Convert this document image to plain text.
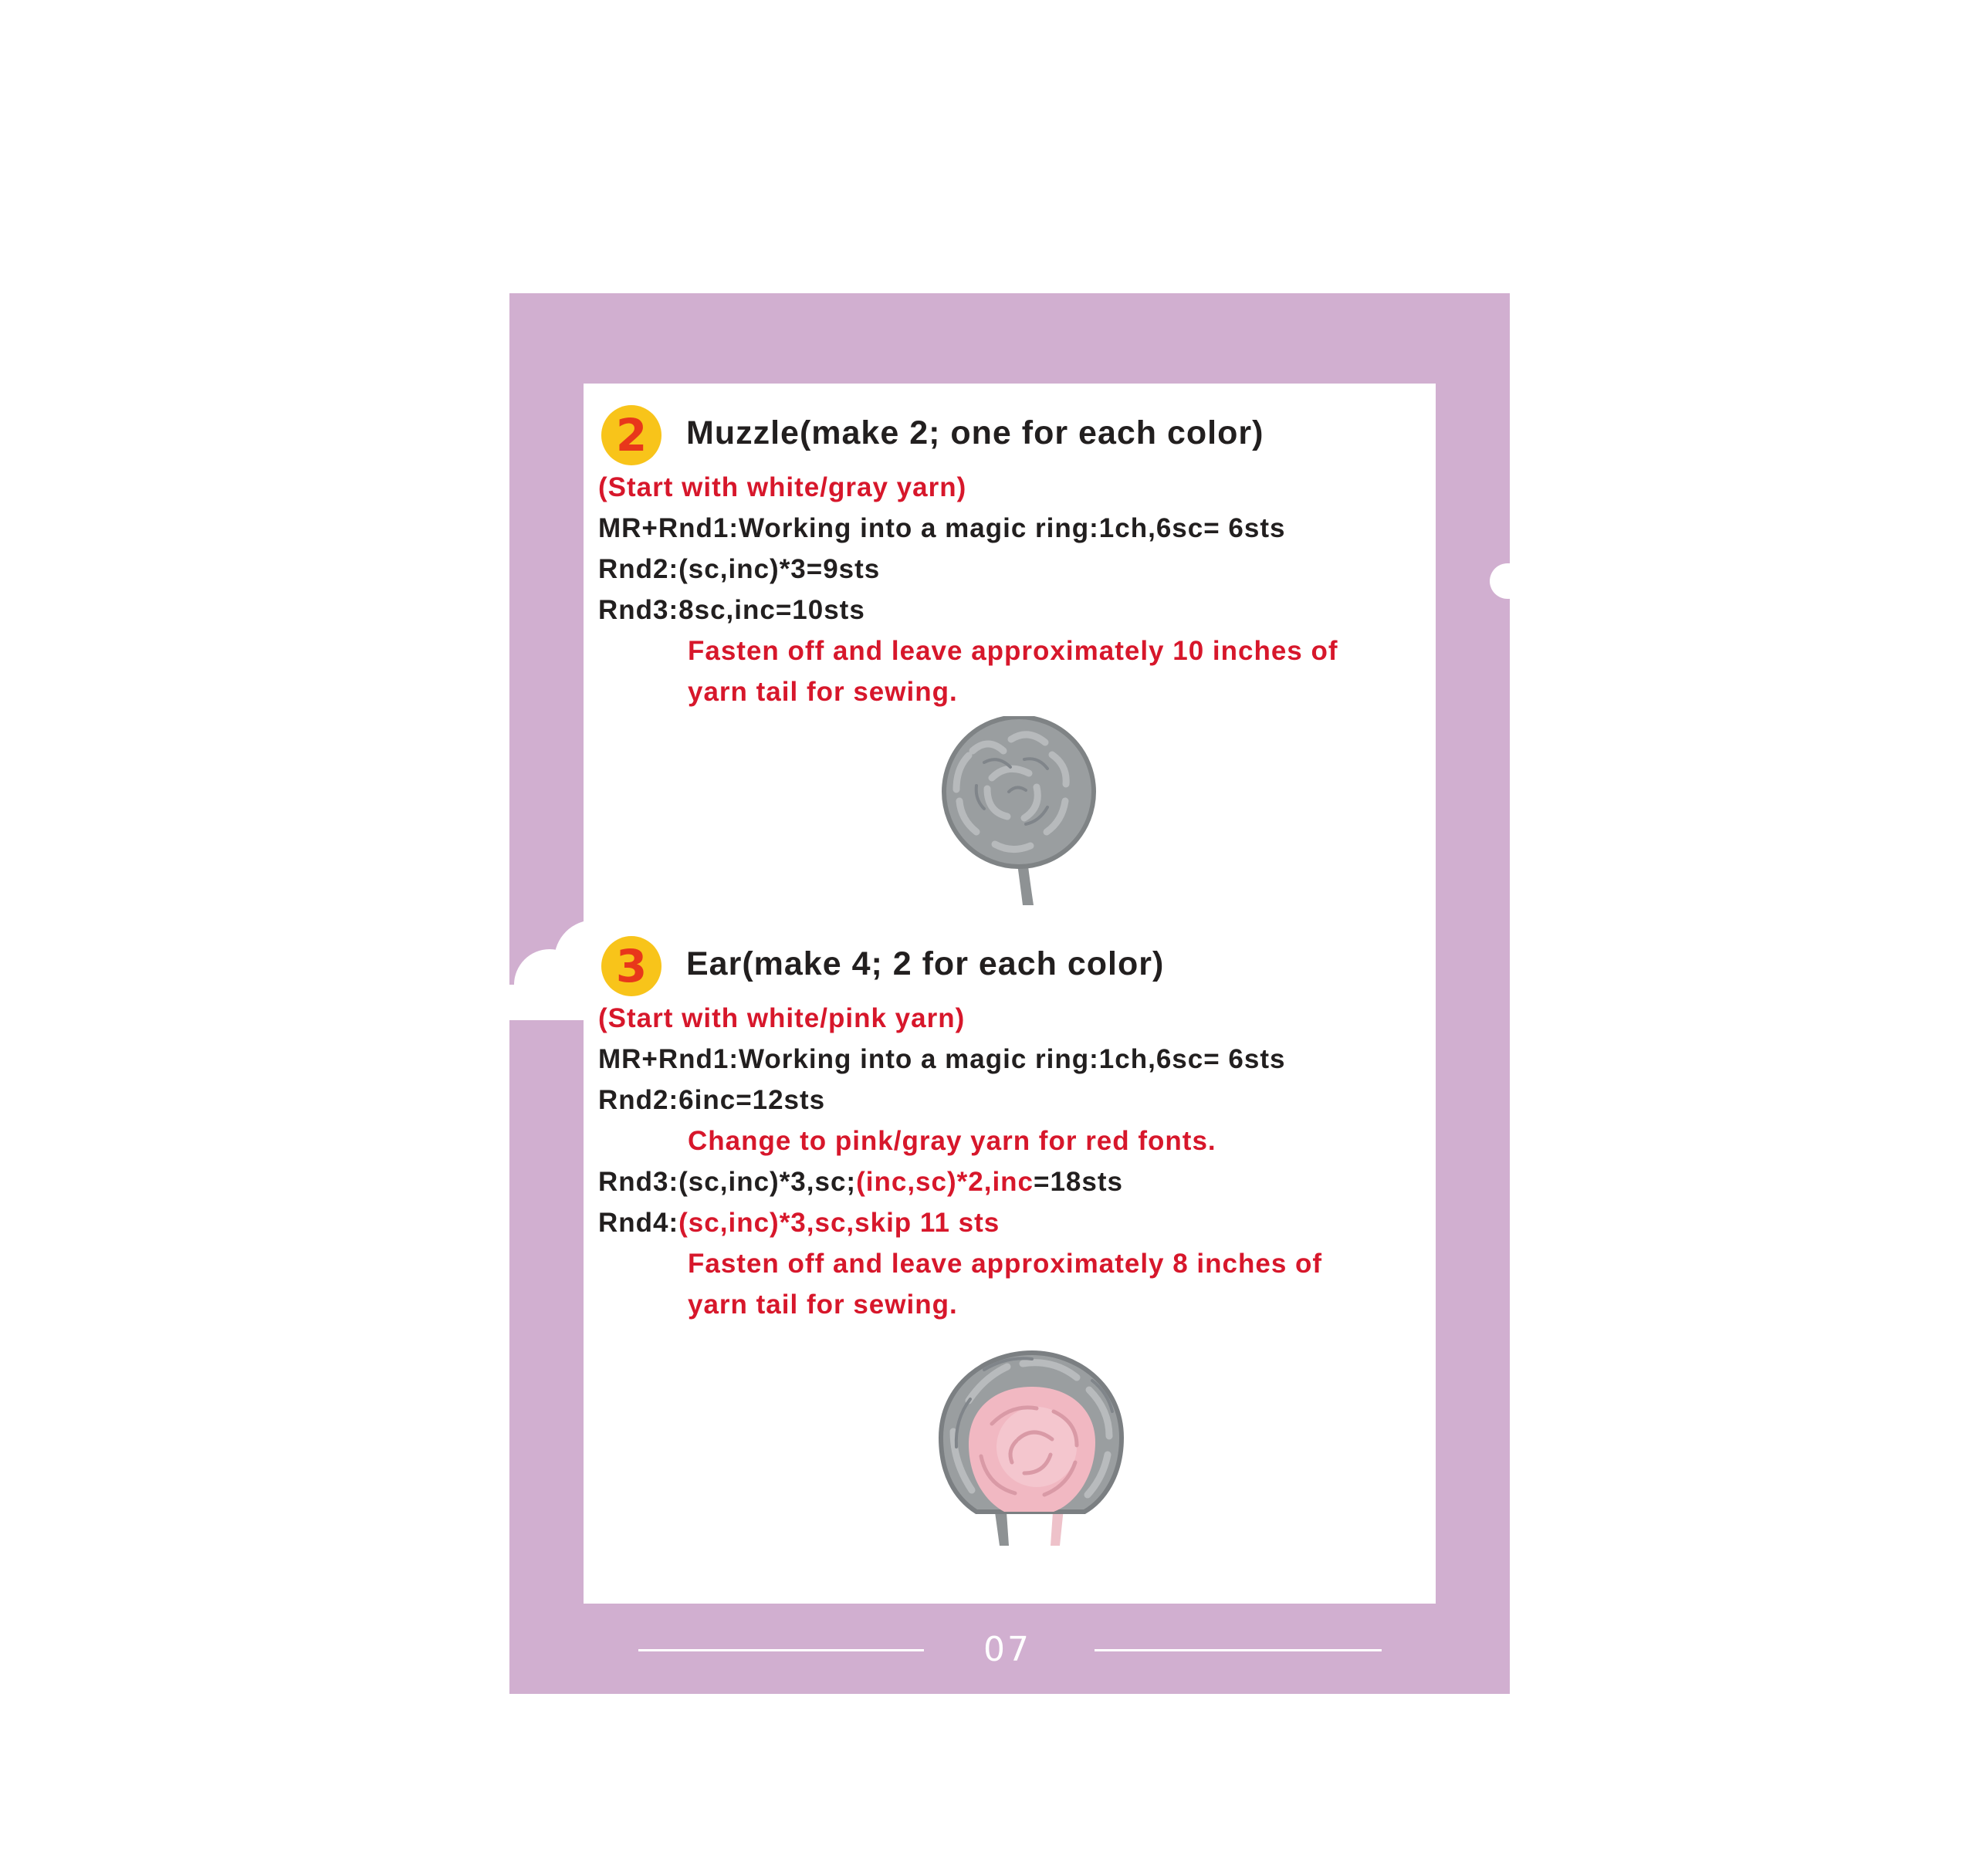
2	Muzzle(make 2; one for each color)
(Start with white/gray yarn)
MR+Rnd1:Working into a magic ring:1ch,6sc= 6sts
Rnd2:(sc,inc)*3=9sts
Rnd3:8sc,inc=10sts
Fasten off and leave approximately 10 inches of
yarn tail for sewing.
3	Ear(make 4; 2 for each color)
(Start with white/pink yarn)
MR+Rnd1:Working into a magic ring:1ch,6sc= 6sts
Rnd2:6inc=12sts
Change to pink/gray yarn for red fonts.
Rnd3:(sc,inc)*3,sc;(inc,sc)*2,inc=18sts
Rnd4:(sc,inc)*3,sc,skip 11 sts
Fasten off and leave approximately 8 inches of
yarn tail for sewing.
07
